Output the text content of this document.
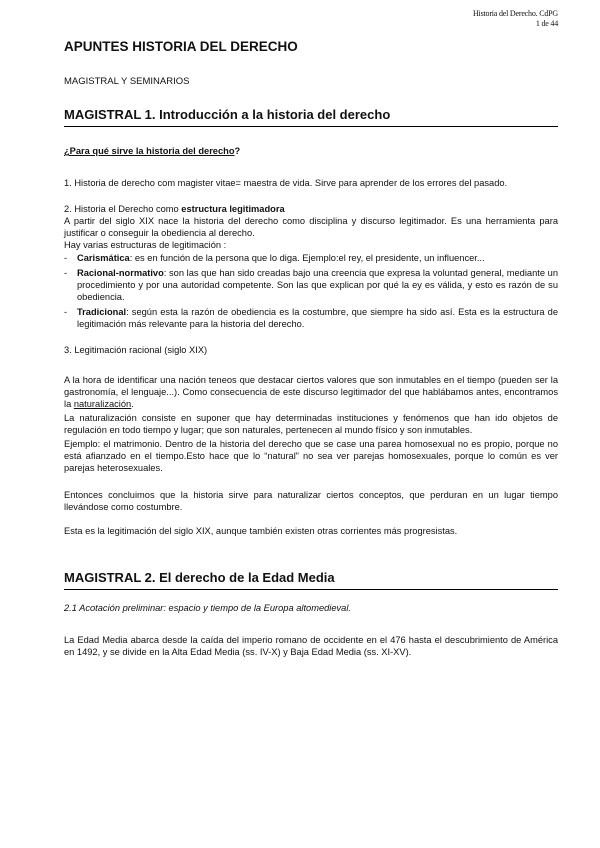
Historia del Derecho. CdPG
1 de 44
APUNTES HISTORIA DEL DERECHO

MAGISTRAL Y SEMINARIOS

MAGISTRAL 1. Introducción a la historia del derecho

¿Para qué sirve la historia del derecho?

1. Historia de derecho com magister vitae= maestra de vida. Sirve para aprender de los errores del pasado.

2. Historia el Derecho como estructura legitimadora

A partir del siglo XIX nace la historia del derecho como disciplina y discurso legitimador. Es una herramienta para justificar o conseguir la obediencia al derecho.

Hay varias estructuras de legitimación :

- Carismática: es en función de la persona que lo diga. Ejemplo:el rey, el presidente, un influencer...
- Racional-normativo: son las que han sido creadas bajo una creencia que expresa la voluntad general, mediante un procedimiento y por una autoridad competente. Son las que explican por qué la ey es válida, y esto es razón de su obediencia.
- Tradicional: según esta la razón de obediencia es la costumbre, que siempre ha sido así. Esta es la estructura de legitimación más relevante para la historia del derecho.

3. Legitimación racional (siglo XIX)

A la hora de identificar una nación teneos que destacar ciertos valores que son inmutables en el tiempo (pueden ser la gastronomía, el lenguaje...). Como consecuencia de este discurso legitimador del que hablábamos antes, encontramos la naturalización.

La naturalización consiste en suponer que hay determinadas instituciones y fenómenos que han ido objetos de regulación en todo tiempo y lugar; que son naturales, pertenecen al mundo físico y son inmutables.

Ejemplo: el matrimonio. Dentro de la historia del derecho que se case una parea homosexual no es propio, porque no está afianzado en el tiempo.Esto hace que lo “natural” no sea ver parejas homosexuales, porque lo común es ver parejas heterosexuales.

Entonces concluimos que la historia sirve para naturalizar ciertos conceptos, que perduran en un lugar tiempo llevándose como costumbre.

Esta es la legitimación del siglo XIX, aunque también existen otras corrientes más progresistas.

MAGISTRAL 2. El derecho de la Edad Media

2.1 Acotación preliminar: espacio y tiempo de la Europa altomedieval.

La Edad Media abarca desde la caída del imperio romano de occidente en el 476 hasta el descubrimiento de América en 1492, y se divide en la Alta Edad Media (ss. IV-X) y Baja Edad Media (ss. XI-XV).
